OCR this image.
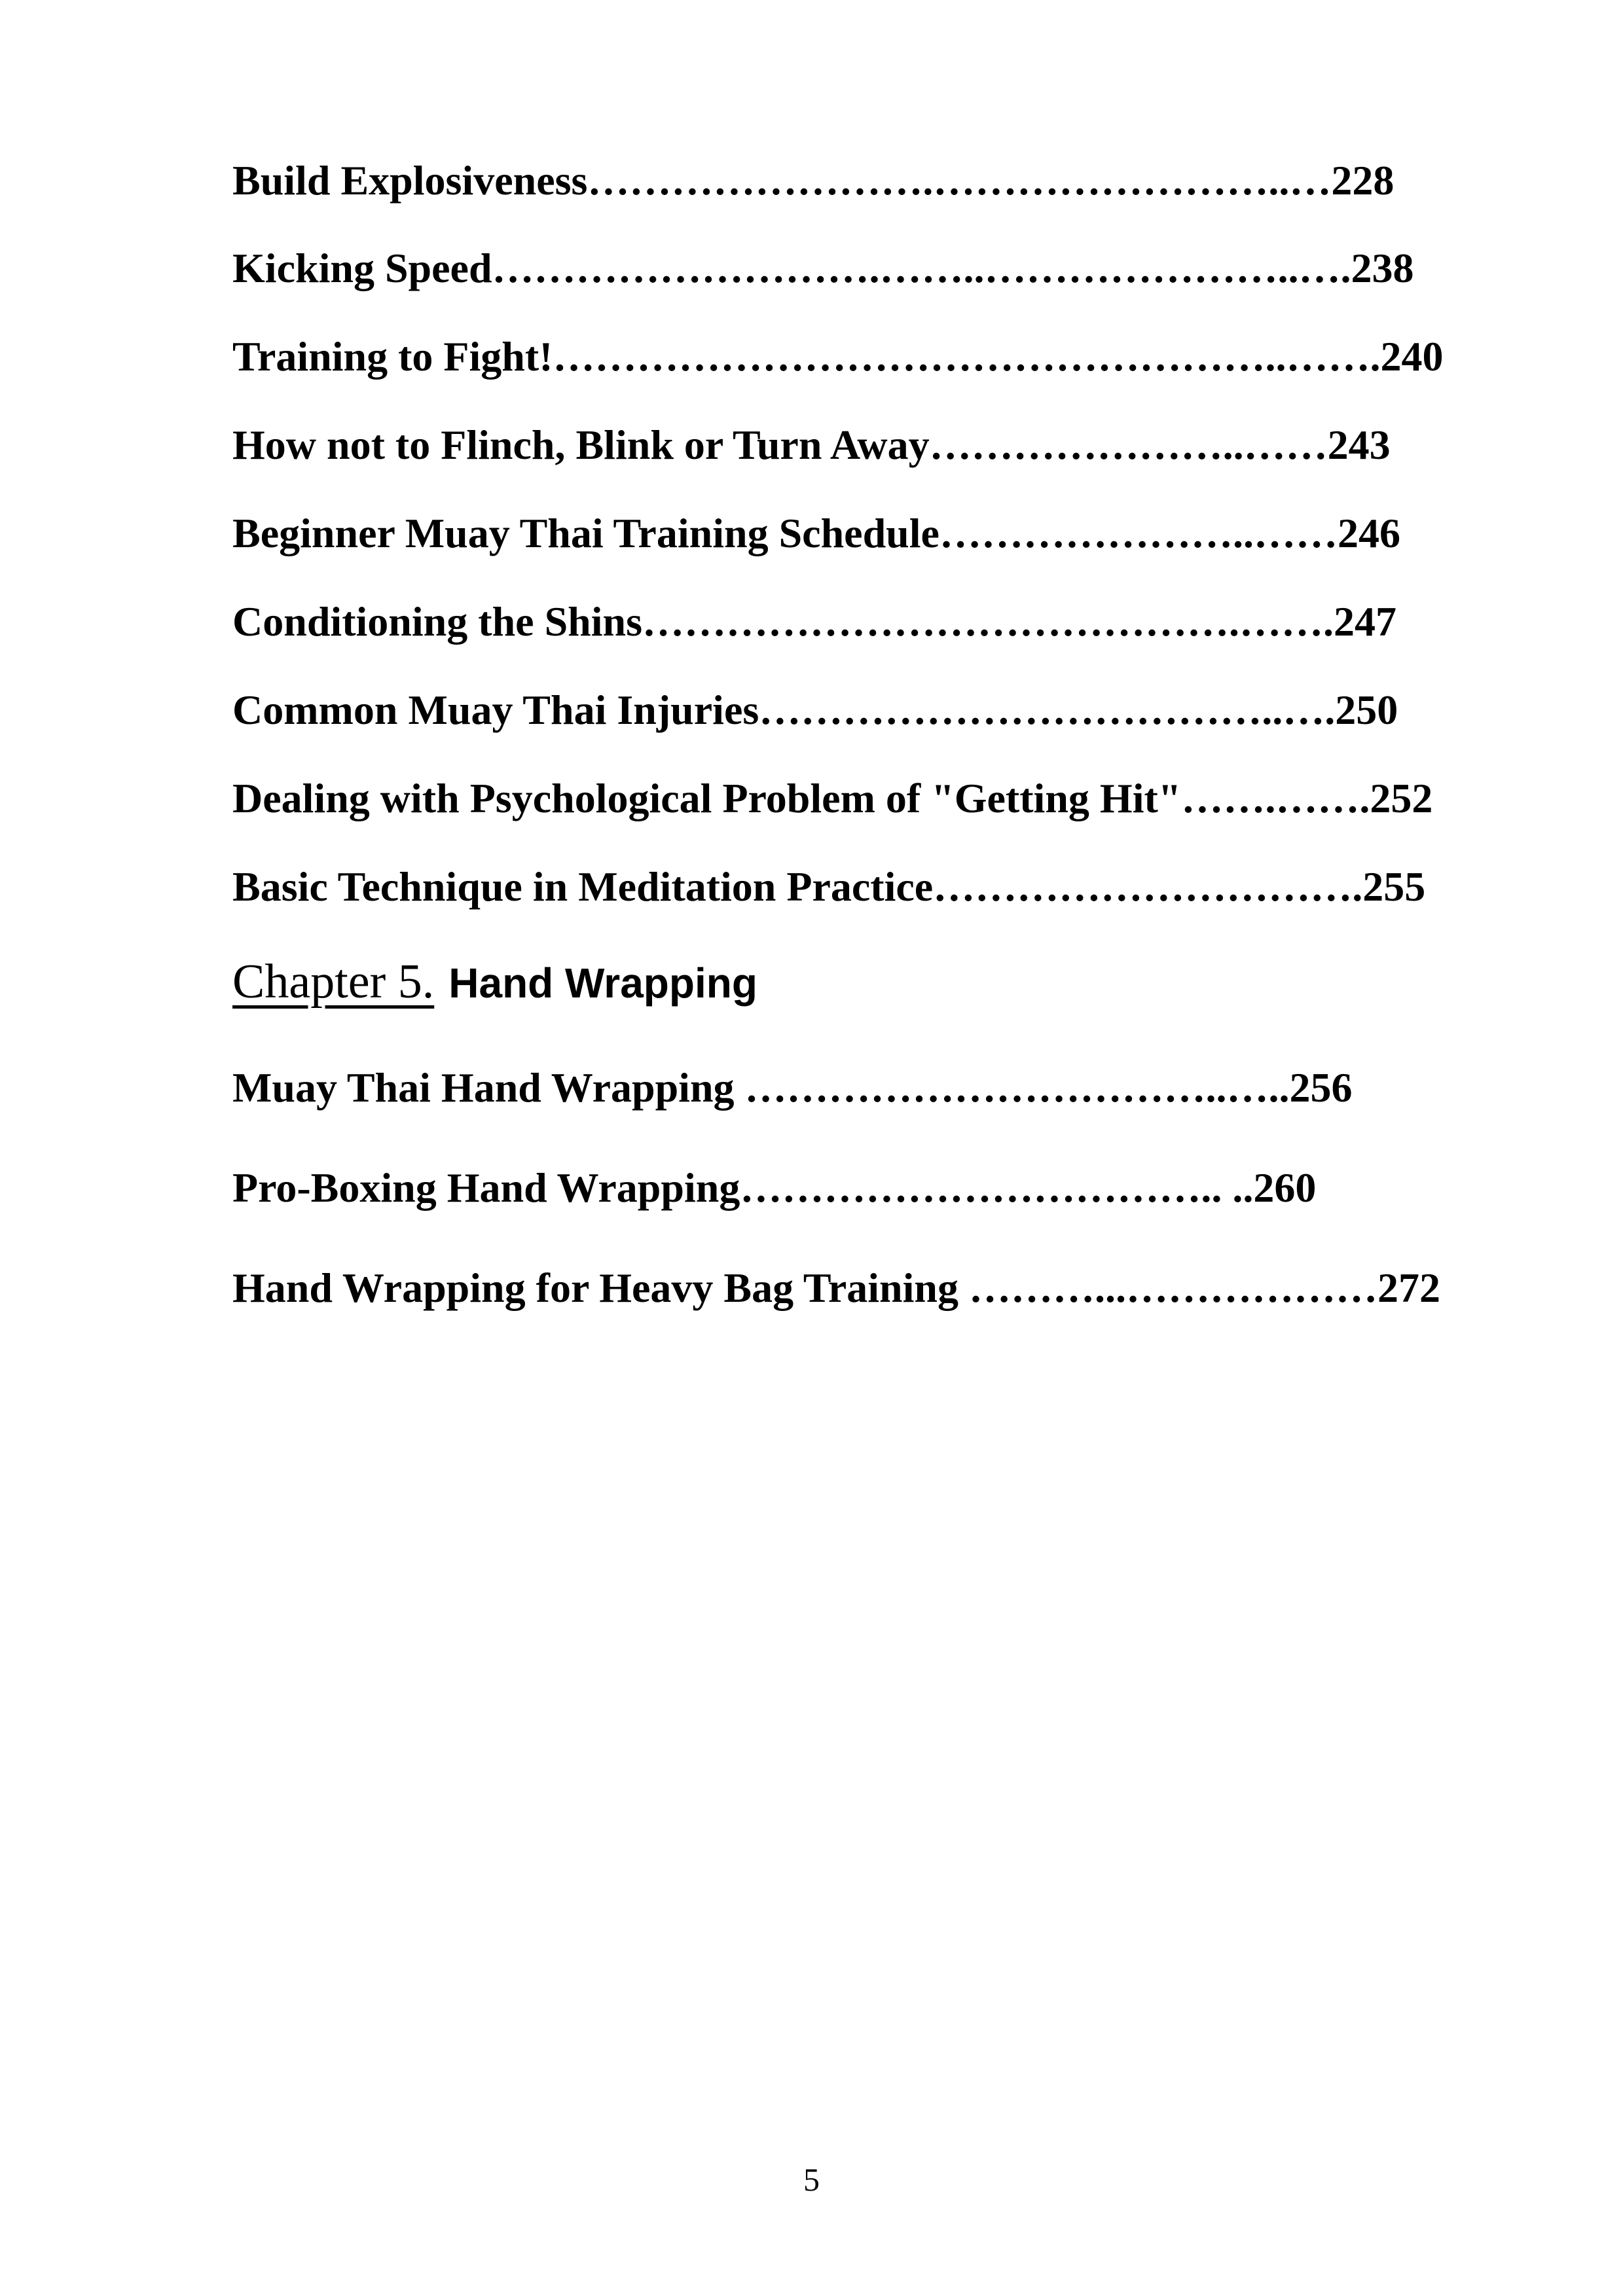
Build Explosiveness…………………….……………………..…228
Kicking Speed……………………….……..…………………..….238
Training to Fight!……………………………………………..…….240
How not to Flinch, Blink or Turn Away…………………..……243
Beginner Muay Thai Training Schedule…………………..……246
Conditioning the Shins…………………………………….…….247
Common Muay Thai Injuries………………………………..….250
Dealing with Psychological Problem of "Getting Hit"…….…….252
Basic Technique in Meditation Practice………………………….255
Chapter 5. Hand Wrapping
Muay Thai Hand Wrapping ……………………………..…..256
Pro-Boxing Hand Wrapping…………………………….. ..260
Hand Wrapping for Heavy Bag Training ………...………………272
5
